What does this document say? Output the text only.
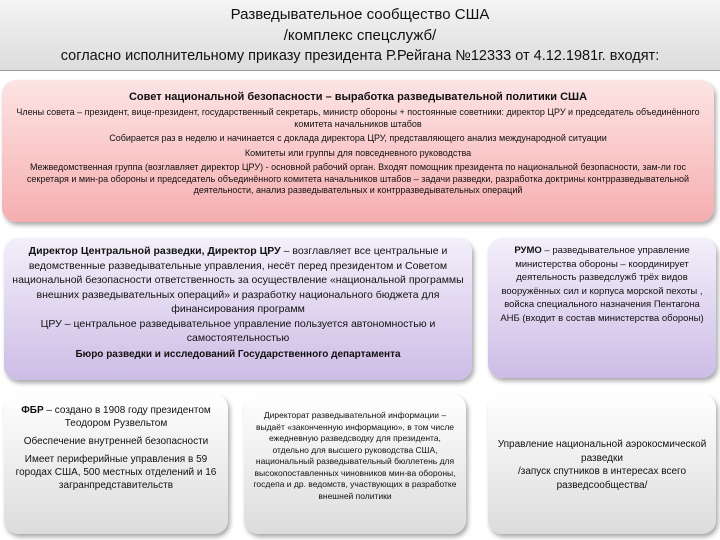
Разведывательное сообщество США
/комплекс спецслужб/
согласно исполнительному приказу президента Р.Рейгана №12333 от 4.12.1981г. входят:
Совет национальной безопасности – выработка разведывательной политики США

Члены совета – президент, вице-президент, государственный секретарь, министр обороны + постоянные советники: директор ЦРУ и председатель объединённого комитета начальников штабов

Собирается раз в неделю и начинается с доклада директора ЦРУ, представляющего анализ международной ситуации

Комитеты или группы для повседневного руководства

Межведомственная группа (возглавляет директор ЦРУ) - основной рабочий орган. Входят помощник президента по национальной безопасности, зам-ли гос секретаря и мин-ра обороны и председатель объединённого комитета начальников штабов – задачи разведки, разработка доктрины контрразведывательной деятельности, анализ разведывательных и контрразведывательных операций

Директор Центральной разведки, Директор ЦРУ – возглавляет все центральные и ведомственные разведывательные управления, несёт перед президентом и Советом национальной безопасности ответственность за осуществление «национальной программы внешних разведывательных операций» и разработку национального бюджета для финансирования программ

ЦРУ – центральное разведывательное управление пользуется автономностью и самостоятельностью

Бюро разведки и исследований Государственного департамента

РУМО – разведывательное управление министерства обороны – координирует деятельность разведслужб трёх видов вооружённых сил и корпуса морской пехоты , войска специального назначения Пентагона

АНБ (входит в состав министерства обороны)

ФБР – создано в 1908 году президентом Теодором Рузвельтом

Обеспечение внутренней безопасности

Имеет периферийные управления в 59 городах США, 500 местных отделений и 16 загранпредставительств

Директорат разведывательной информации – выдаёт «законченную информацию», в том числе ежедневную разведсводку для президента, отдельно для высшего руководства США, национальный разведывательный бюллетень для высокопоставленных чиновников мин-ва обороны, госдепа и др. ведомств, участвующих в разработке внешней политики

Управление национальной аэрокосмической разведки

/запуск спутников в интересах всего разведсообщества/
